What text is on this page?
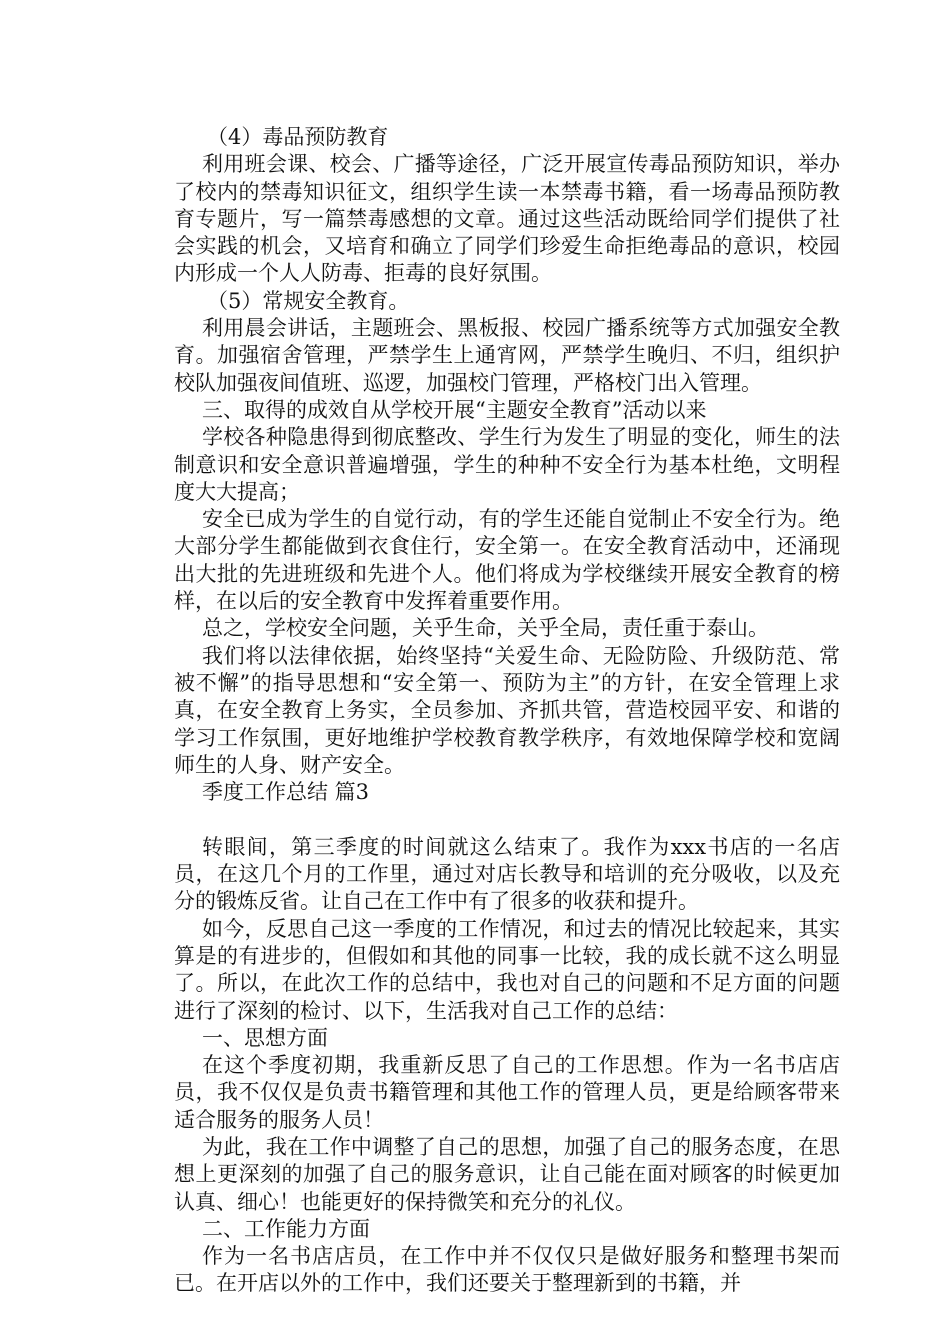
（4）毒品预防教育

利用班会课、校会、广播等途径，广泛开展宣传毒品预防知识，举办了校内的禁毒知识征文，组织学生读一本禁毒书籍，看一场毒品预防教育专题片，写一篇禁毒感想的文章。通过这些活动既给同学们提供了社会实践的机会，又培育和确立了同学们珍爱生命拒绝毒品的意识，校园内形成一个人人防毒、拒毒的良好氛围。

（5）常规安全教育。

利用晨会讲话，主题班会、黑板报、校园广播系统等方式加强安全教育。加强宿舍管理，严禁学生上通宵网，严禁学生晚归、不归，组织护校队加强夜间值班、巡逻，加强校门管理，严格校门出入管理。

三、取得的成效自从学校开展“主题安全教育”活动以来

学校各种隐患得到彻底整改、学生行为发生了明显的变化，师生的法制意识和安全意识普遍增强，学生的种种不安全行为基本杜绝，文明程度大大提高；

安全已成为学生的自觉行动，有的学生还能自觉制止不安全行为。绝大部分学生都能做到衣食住行，安全第一。在安全教育活动中，还涌现出大批的先进班级和先进个人。他们将成为学校继续开展安全教育的榜样，在以后的安全教育中发挥着重要作用。

总之，学校安全问题，关乎生命，关乎全局，责任重于泰山。

我们将以法律依据，始终坚持“关爱生命、无险防险、升级防范、常被不懈”的指导思想和“安全第一、预防为主”的方针，在安全管理上求真，在安全教育上务实，全员参加、齐抓共管，营造校园平安、和谐的学习工作氛围，更好地维护学校教育教学秩序，有效地保障学校和宽阔师生的人身、财产安全。

季度工作总结 篇3

转眼间，第三季度的时间就这么结束了。我作为xxx书店的一名店员，在这几个月的工作里，通过对店长教导和培训的充分吸收，以及充分的锻炼反省。让自己在工作中有了很多的收获和提升。

如今，反思自己这一季度的工作情况，和过去的情况比较起来，其实算是的有进步的，但假如和其他的同事一比较，我的成长就不这么明显了。所以，在此次工作的总结中，我也对自己的问题和不足方面的问题进行了深刻的检讨、以下，生活我对自己工作的总结：

一、思想方面

在这个季度初期，我重新反思了自己的工作思想。作为一名书店店员，我不仅仅是负责书籍管理和其他工作的管理人员，更是给顾客带来适合服务的服务人员！

为此，我在工作中调整了自己的思想，加强了自己的服务态度，在思想上更深刻的加强了自己的服务意识，让自己能在面对顾客的时候更加认真、细心！也能更好的保持微笑和充分的礼仪。

二、工作能力方面

作为一名书店店员，在工作中并不仅仅只是做好服务和整理书架而已。在开店以外的工作中，我们还要关于整理新到的书籍，并
